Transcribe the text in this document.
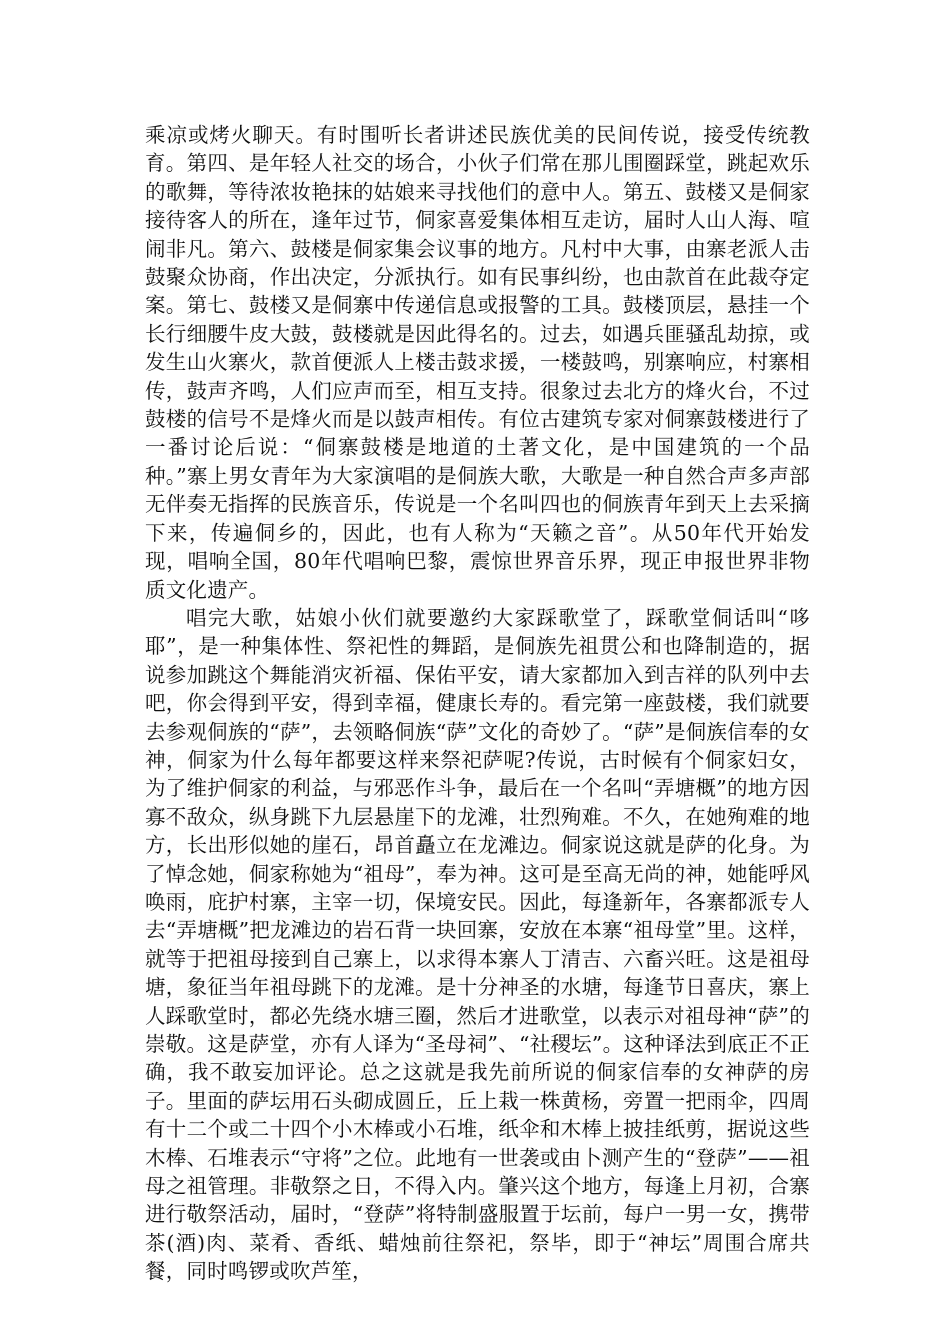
乘凉或烤火聊天。有时围听长者讲述民族优美的民间传说，接受传统教育。第四、是年轻人社交的场合，小伙子们常在那儿围圈踩堂，跳起欢乐的歌舞，等待浓妆艳抹的姑娘来寻找他们的意中人。第五、鼓楼又是侗家接待客人的所在，逢年过节，侗家喜爱集体相互走访，届时人山人海、喧闹非凡。第六、鼓楼是侗家集会议事的地方。凡村中大事，由寨老派人击鼓聚众协商，作出决定，分派执行。如有民事纠纷，也由款首在此裁夺定案。第七、鼓楼又是侗寨中传递信息或报警的工具。鼓楼顶层，悬挂一个长行细腰牛皮大鼓，鼓楼就是因此得名的。过去，如遇兵匪骚乱劫掠，或发生山火寨火，款首便派人上楼击鼓求援，一楼鼓鸣，别寨响应，村寨相传，鼓声齐鸣，人们应声而至，相互支持。很象过去北方的烽火台，不过鼓楼的信号不是烽火而是以鼓声相传。有位古建筑专家对侗寨鼓楼进行了一番讨论后说：“侗寨鼓楼是地道的土著文化，是中国建筑的一个品种。”寨上男女青年为大家演唱的是侗族大歌，大歌是一种自然合声多声部无伴奏无指挥的民族音乐，传说是一个名叫四也的侗族青年到天上去采摘下来，传遍侗乡的，因此，也有人称为“天籁之音”。从50年代开始发现，唱响全国，80年代唱响巴黎，震惊世界音乐界，现正申报世界非物质文化遗产。

唱完大歌，姑娘小伙们就要邀约大家踩歌堂了，踩歌堂侗话叫“哆耶”，是一种集体性、祭祀性的舞蹈，是侗族先祖贯公和也降制造的，据说参加跳这个舞能消灾祈福、保佑平安，请大家都加入到吉祥的队列中去吧，你会得到平安，得到幸福，健康长寿的。看完第一座鼓楼，我们就要去参观侗族的“萨”，去领略侗族“萨”文化的奇妙了。“萨”是侗族信奉的女神，侗家为什么每年都要这样来祭祀萨呢?传说，古时候有个侗家妇女，为了维护侗家的利益，与邪恶作斗争，最后在一个名叫“弄塘概”的地方因寡不敌众，纵身跳下九层悬崖下的龙滩，壮烈殉难。不久，在她殉难的地方，长出形似她的崖石，昂首矗立在龙滩边。侗家说这就是萨的化身。为了悼念她，侗家称她为“祖母”，奉为神。这可是至高无尚的神，她能呼风唤雨，庇护村寨，主宰一切，保境安民。因此，每逢新年，各寨都派专人去“弄塘概”把龙滩边的岩石背一块回寨，安放在本寨“祖母堂”里。这样，就等于把祖母接到自己寨上，以求得本寨人丁清吉、六畜兴旺。这是祖母塘，象征当年祖母跳下的龙滩。是十分神圣的水塘，每逢节日喜庆，寨上人踩歌堂时，都必先绕水塘三圈，然后才进歌堂，以表示对祖母神“萨”的崇敬。这是萨堂，亦有人译为“圣母祠”、“社稷坛”。这种译法到底正不正确，我不敢妄加评论。总之这就是我先前所说的侗家信奉的女神萨的房子。里面的萨坛用石头砌成圆丘，丘上栽一株黄杨，旁置一把雨伞，四周有十二个或二十四个小木棒或小石堆，纸伞和木棒上披挂纸剪，据说这些木棒、石堆表示“守将”之位。此地有一世袭或由卜测产生的“登萨”——祖母之祖管理。非敬祭之日，不得入内。肇兴这个地方，每逢上月初，合寨进行敬祭活动，届时，“登萨”将特制盛服置于坛前，每户一男一女，携带茶(酒)肉、菜肴、香纸、蜡烛前往祭祀，祭毕，即于“神坛”周围合席共餐，同时鸣锣或吹芦笙，
